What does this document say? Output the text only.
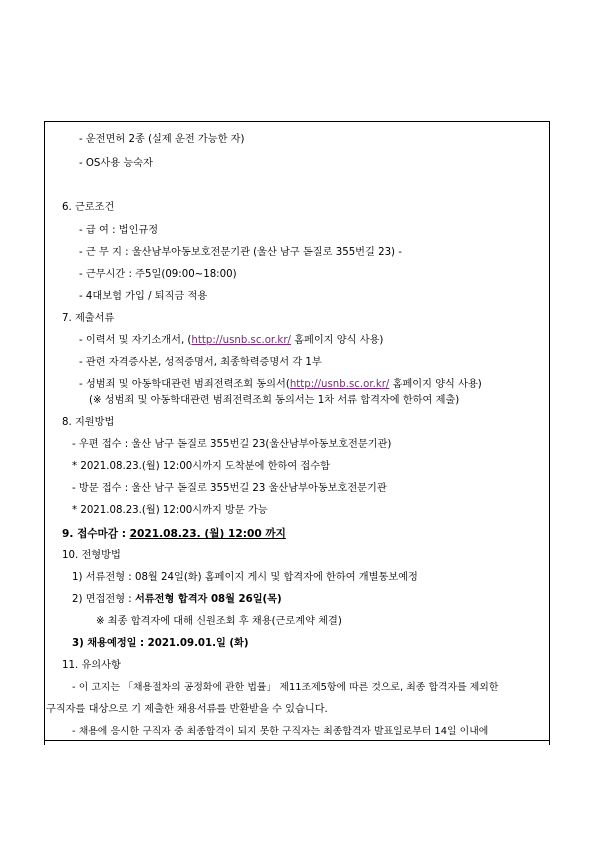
- 운전면허 2종 (실제 운전 가능한 자)
- OS사용 능숙자
6. 근로조건
- 급 여 : 법인규정
- 근 무 지 : 울산남부아동보호전문기관 (울산 남구 돋질로 355번길 23) -
- 근무시간 : 주5일(09:00~18:00)
- 4대보험 가입 / 퇴직금 적용
7. 제출서류
- 이력서 및 자기소개서, (http://usnb.sc.or.kr/ 홈페이지 양식 사용)
- 관련 자격증사본, 성적증명서, 최종학력증명서 각 1부
- 성범죄 및 아동학대관련 범죄전력조회 동의서(http://usnb.sc.or.kr/ 홈페이지 양식 사용)
(※ 성범죄 및 아동학대관련 범죄전력조회 동의서는 1차 서류 합격자에 한하여 제출)
8. 지원방법
- 우편 접수 : 울산 남구 돋질로 355번길 23(울산남부아동보호전문기관)
* 2021.08.23.(월) 12:00시까지 도착분에 한하여 접수함
- 방문 접수 : 울산 남구 돋질로 355번길 23 울산남부아동보호전문기관
* 2021.08.23.(월) 12:00시까지 방문 가능
9. 접수마감 : 2021.08.23. (월) 12:00 까지
10. 전형방법
1) 서류전형 : 08월 24일(화) 홈페이지 게시 및 합격자에 한하여 개별통보예정
2) 면접전형 : 서류전형 합격자 08월 26일(목)
※ 최종 합격자에 대해 신원조회 후 채용(근로계약 체결)
3) 채용예정일 : 2021.09.01.일 (화)
11. 유의사항
- 이 고지는 「채용절차의 공정화에 관한 법률」 제11조제5항에 따른 것으로, 최종 합격자를 제외한
구직자를 대상으로 기 제출한 채용서류를 반환받을 수 있습니다.
- 채용에 응시한 구직자 중 최종합격이 되지 못한 구직자는 최종합격자 발표일로부터 14일 이내에
